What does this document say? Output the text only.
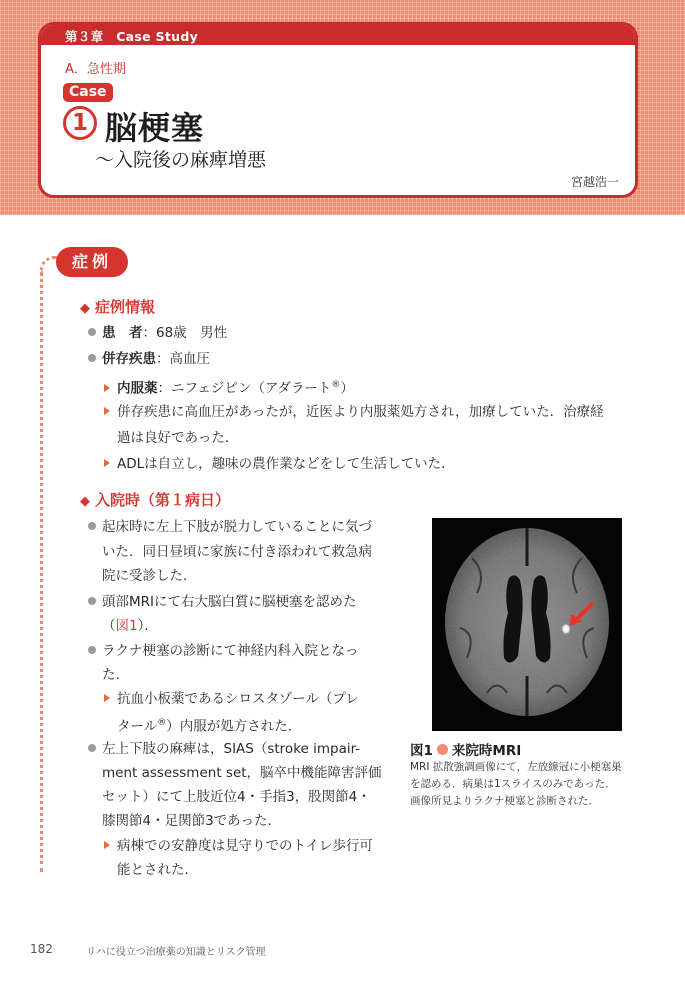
第３章　Case Study
A．急性期
Case
1 脳梗塞
〜入院後の麻痺増悪
宮越浩一
症例
◆ 症例情報
患　者：68歳　男性
併存疾患：高血圧
内服薬：ニフェジピン（アダラート®）
併存疾患に高血圧があったが，近医より内服薬処方され，加療していた．治療経
過は良好であった．
ADLは自立し，趣味の農作業などをして生活していた．
◆ 入院時（第１病日）
起床時に左上下肢が脱力していることに気づ
いた．同日昼頃に家族に付き添われて救急病
院に受診した．
頭部MRIにて右大脳白質に脳梗塞を認めた
（図1）．
ラクナ梗塞の診断にて神経内科入院となっ
た．
抗血小板薬であるシロスタゾール（プレ
タール®）内服が処方された．
左上下肢の麻痺は，SIAS（stroke impair-
ment assessment set，脳卒中機能障害評価
セット）にて上肢近位4・手指3，股関節4・
膝関節4・足関節3であった．
病棟での安静度は見守りでのトイレ歩行可
能とされた．
図1 来院時MRI
MRI 拡散強調画像にて，左放線冠に小梗塞巣
を認める．病巣は1スライスのみであった．
画像所見よりラクナ梗塞と診断された．
182	リハに役立つ治療薬の知識とリスク管理
